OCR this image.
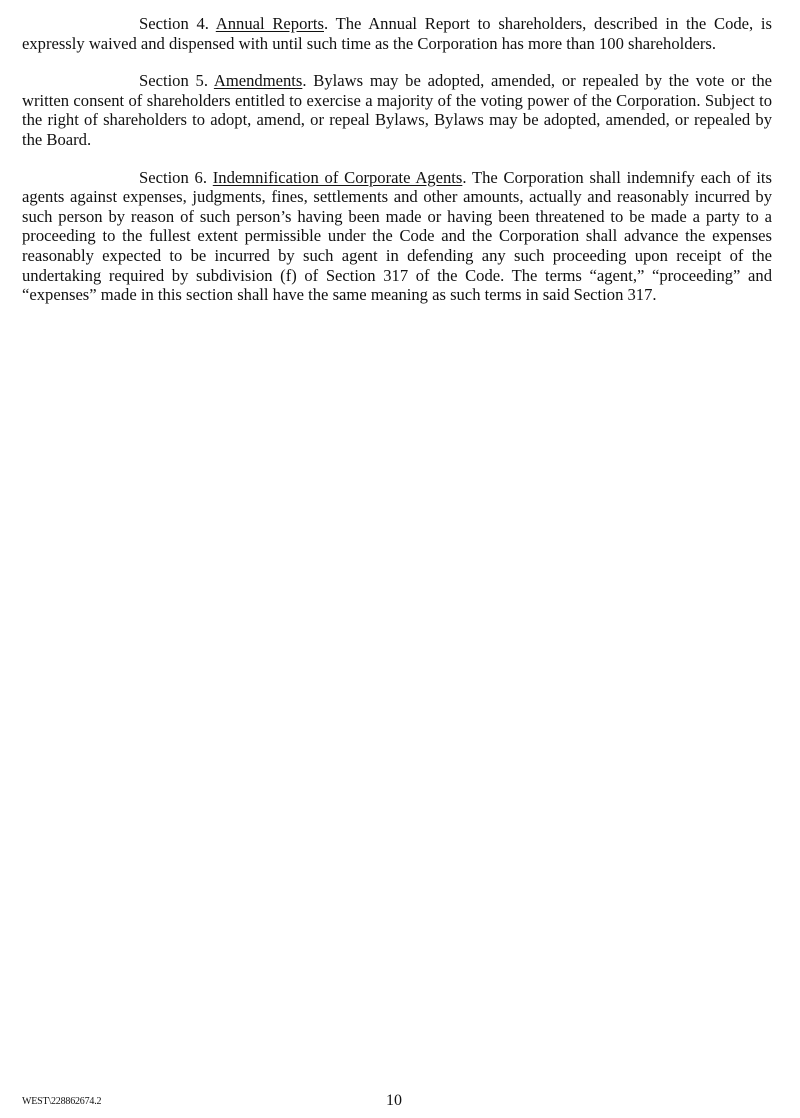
Section 4. Annual Reports. The Annual Report to shareholders, described in the Code, is expressly waived and dispensed with until such time as the Corporation has more than 100 shareholders.

Section 5. Amendments. Bylaws may be adopted, amended, or repealed by the vote or the written consent of shareholders entitled to exercise a majority of the voting power of the Corporation. Subject to the right of shareholders to adopt, amend, or repeal Bylaws, Bylaws may be adopted, amended, or repealed by the Board.

Section 6. Indemnification of Corporate Agents. The Corporation shall indemnify each of its agents against expenses, judgments, fines, settlements and other amounts, actually and reasonably incurred by such person by reason of such person’s having been made or having been threatened to be made a party to a proceeding to the fullest extent permissible under the Code and the Corporation shall advance the expenses reasonably expected to be incurred by such agent in defending any such proceeding upon receipt of the undertaking required by subdivision (f) of Section 317 of the Code. The terms “agent,” “proceeding” and “expenses” made in this section shall have the same meaning as such terms in said Section 317.

WEST\228862674.2	10
